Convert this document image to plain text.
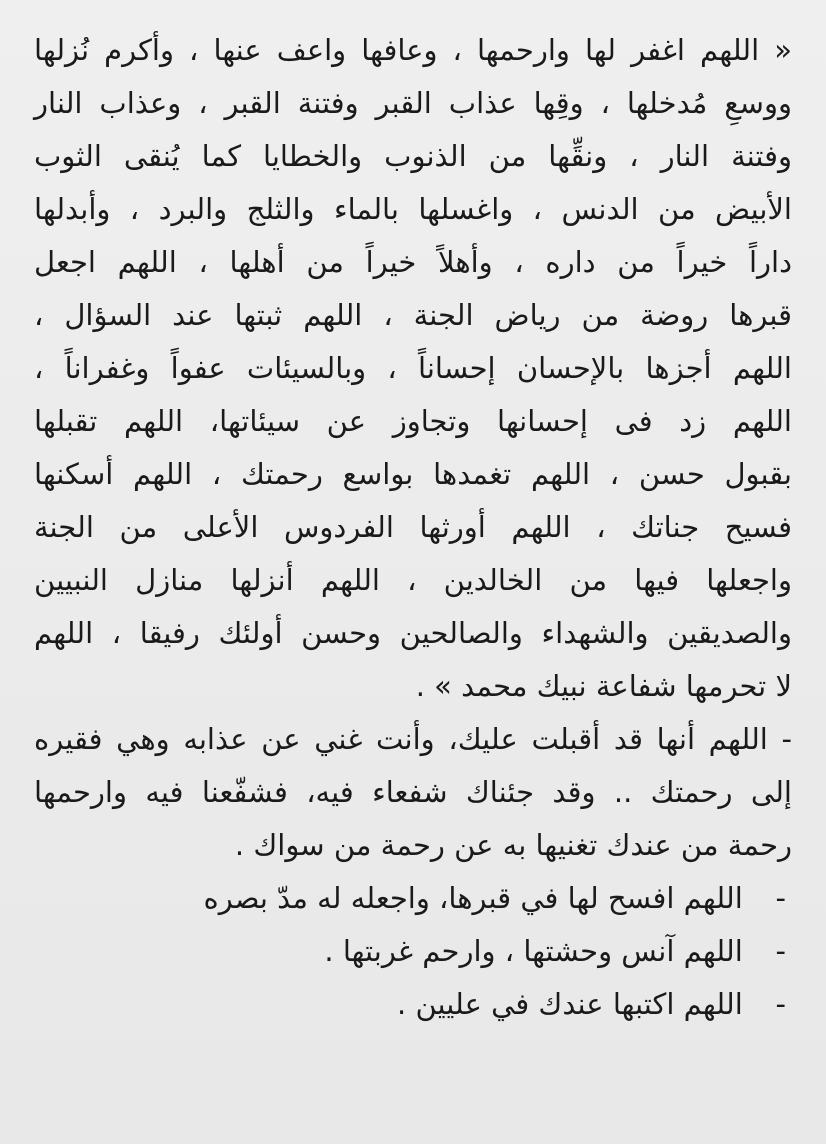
« اللهم اغفر لها وارحمها ، وعافها واعف عنها ، وأكرم نُزلها
ووسعِ مُدخلها ، وقِها عذاب القبر وفتنة القبر ، وعذاب النار
وفتنة النار ، ونقِّها من الذنوب والخطايا كما يُنقى الثوب
الأبيض من الدنس ، واغسلها بالماء والثلج والبرد ، وأبدلها
داراً خيراً من داره ، وأهلاً خيراً من أهلها ، اللهم اجعل
قبرها روضة من رياض الجنة ، اللهم ثبتها عند السؤال ،
اللهم أجزها بالإحسان إحساناً ، وبالسيئات عفواً وغفراناً ،
اللهم زد فى إحسانها وتجاوز عن سيئاتها، اللهم تقبلها
بقبول حسن ، اللهم تغمدها بواسع رحمتك ، اللهم أسكنها
فسيح جناتك ، اللهم أورثها الفردوس الأعلى من الجنة
واجعلها فيها من الخالدين ، اللهم أنزلها منازل النبيين
والصديقين والشهداء والصالحين وحسن أولئك رفيقا ، اللهم
لا تحرمها شفاعة نبيك محمد » .
- اللهم أنها قد أقبلت عليك، وأنت غني عن عذابه وهي فقيره
إلى رحمتك .. وقد جئناك شفعاء فيه، فشفّعنا فيه وارحمها
رحمة من عندك تغنيها به عن رحمة من سواك .
- اللهم افسح لها في قبرها، واجعله له مدّ بصره
- اللهم آنس وحشتها ، وارحم غربتها .
- اللهم اكتبها عندك في عليين .
